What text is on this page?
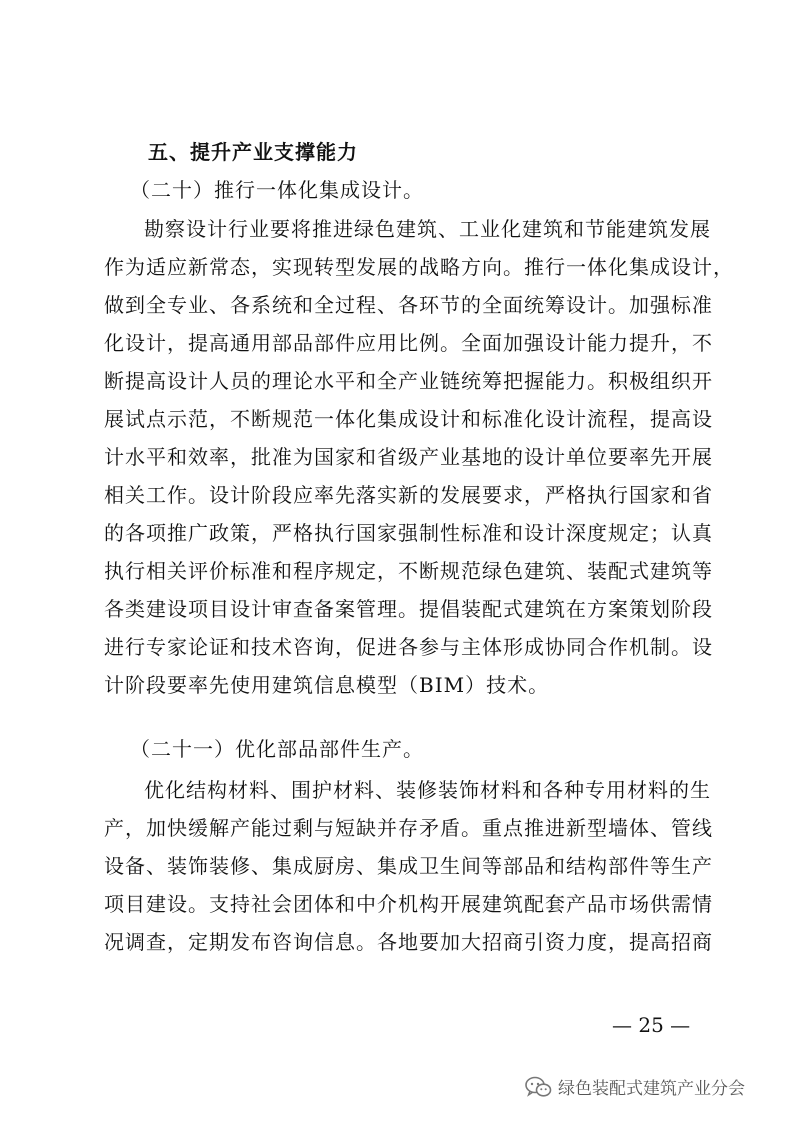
五、提升产业支撑能力
（二十）推行一体化集成设计。
勘察设计行业要将推进绿色建筑、工业化建筑和节能建筑发展
作为适应新常态，实现转型发展的战略方向。推行一体化集成设计，
做到全专业、各系统和全过程、各环节的全面统筹设计。加强标准
化设计，提高通用部品部件应用比例。全面加强设计能力提升，不
断提高设计人员的理论水平和全产业链统筹把握能力。积极组织开
展试点示范，不断规范一体化集成设计和标准化设计流程，提高设
计水平和效率，批准为国家和省级产业基地的设计单位要率先开展
相关工作。设计阶段应率先落实新的发展要求，严格执行国家和省
的各项推广政策，严格执行国家强制性标准和设计深度规定；认真
执行相关评价标准和程序规定，不断规范绿色建筑、装配式建筑等
各类建设项目设计审查备案管理。提倡装配式建筑在方案策划阶段
进行专家论证和技术咨询，促进各参与主体形成协同合作机制。设
计阶段要率先使用建筑信息模型（BIM）技术。
（二十一）优化部品部件生产。
优化结构材料、围护材料、装修装饰材料和各种专用材料的生
产，加快缓解产能过剩与短缺并存矛盾。重点推进新型墙体、管线
设备、装饰装修、集成厨房、集成卫生间等部品和结构部件等生产
项目建设。支持社会团体和中介机构开展建筑配套产品市场供需情
况调查，定期发布咨询信息。各地要加大招商引资力度，提高招商
— 25 —
绿色装配式建筑产业分会
